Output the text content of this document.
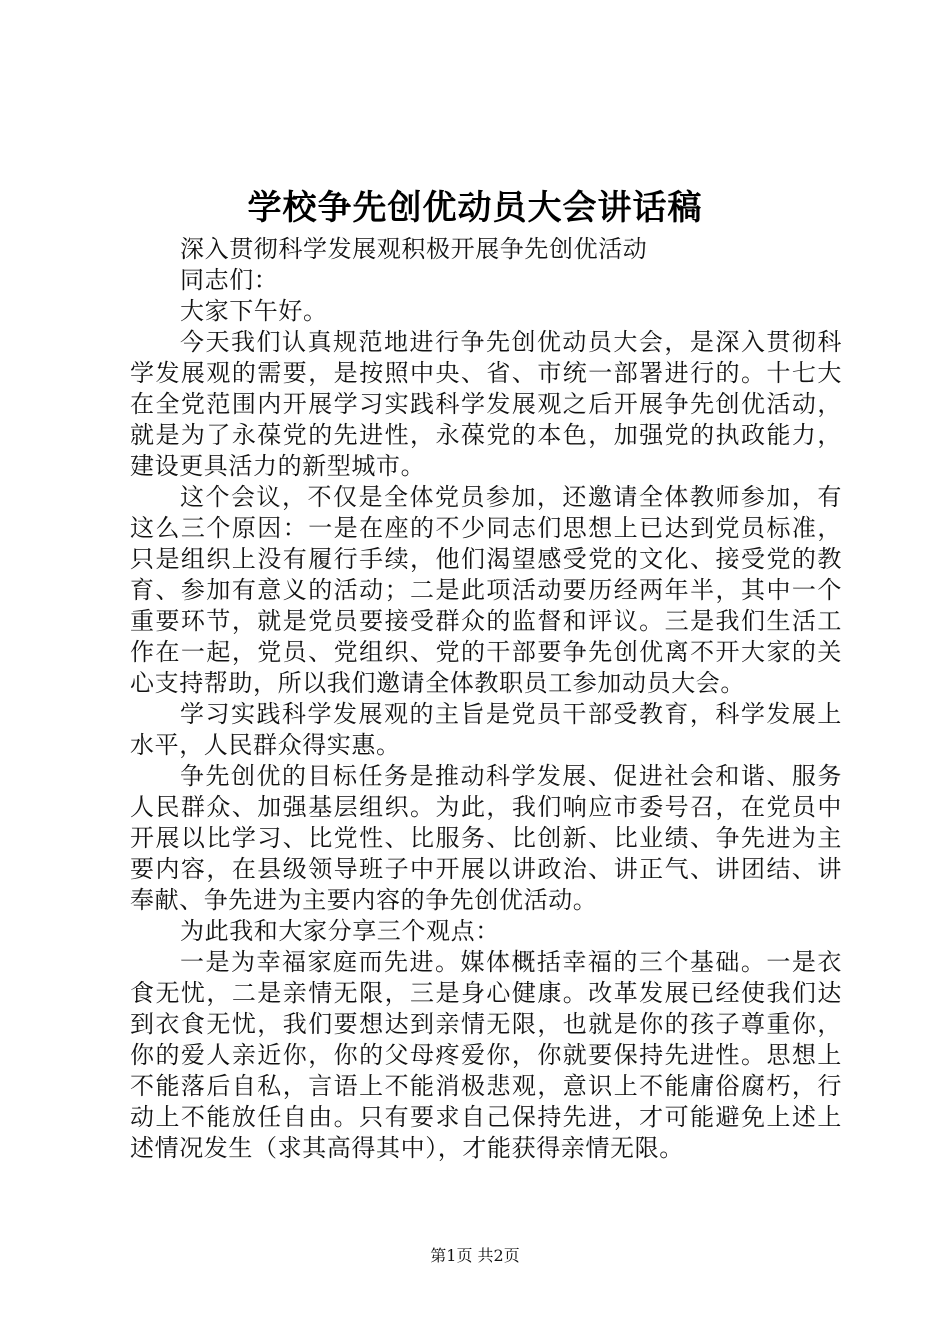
学校争先创优动员大会讲话稿

深入贯彻科学发展观积极开展争先创优活动

同志们：

大家下午好。

今天我们认真规范地进行争先创优动员大会，是深入贯彻科学发展观的需要，是按照中央、省、市统一部署进行的。十七大在全党范围内开展学习实践科学发展观之后开展争先创优活动，就是为了永葆党的先进性，永葆党的本色，加强党的执政能力，建设更具活力的新型城市。

这个会议，不仅是全体党员参加，还邀请全体教师参加，有这么三个原因：一是在座的不少同志们思想上已达到党员标准，只是组织上没有履行手续，他们渴望感受党的文化、接受党的教育、参加有意义的活动；二是此项活动要历经两年半，其中一个重要环节，就是党员要接受群众的监督和评议。三是我们生活工作在一起，党员、党组织、党的干部要争先创优离不开大家的关心支持帮助，所以我们邀请全体教职员工参加动员大会。

学习实践科学发展观的主旨是党员干部受教育，科学发展上水平，人民群众得实惠。

争先创优的目标任务是推动科学发展、促进社会和谐、服务人民群众、加强基层组织。为此，我们响应市委号召，在党员中开展以比学习、比党性、比服务、比创新、比业绩、争先进为主要内容，在县级领导班子中开展以讲政治、讲正气、讲团结、讲奉献、争先进为主要内容的争先创优活动。

为此我和大家分享三个观点：

一是为幸福家庭而先进。媒体概括幸福的三个基础。一是衣食无忧，二是亲情无限，三是身心健康。改革发展已经使我们达到衣食无忧，我们要想达到亲情无限，也就是你的孩子尊重你，你的爱人亲近你，你的父母疼爱你，你就要保持先进性。思想上不能落后自私，言语上不能消极悲观，意识上不能庸俗腐朽，行动上不能放任自由。只有要求自己保持先进，才可能避免上述上述情况发生（求其高得其中），才能获得亲情无限。

第1页 共2页
